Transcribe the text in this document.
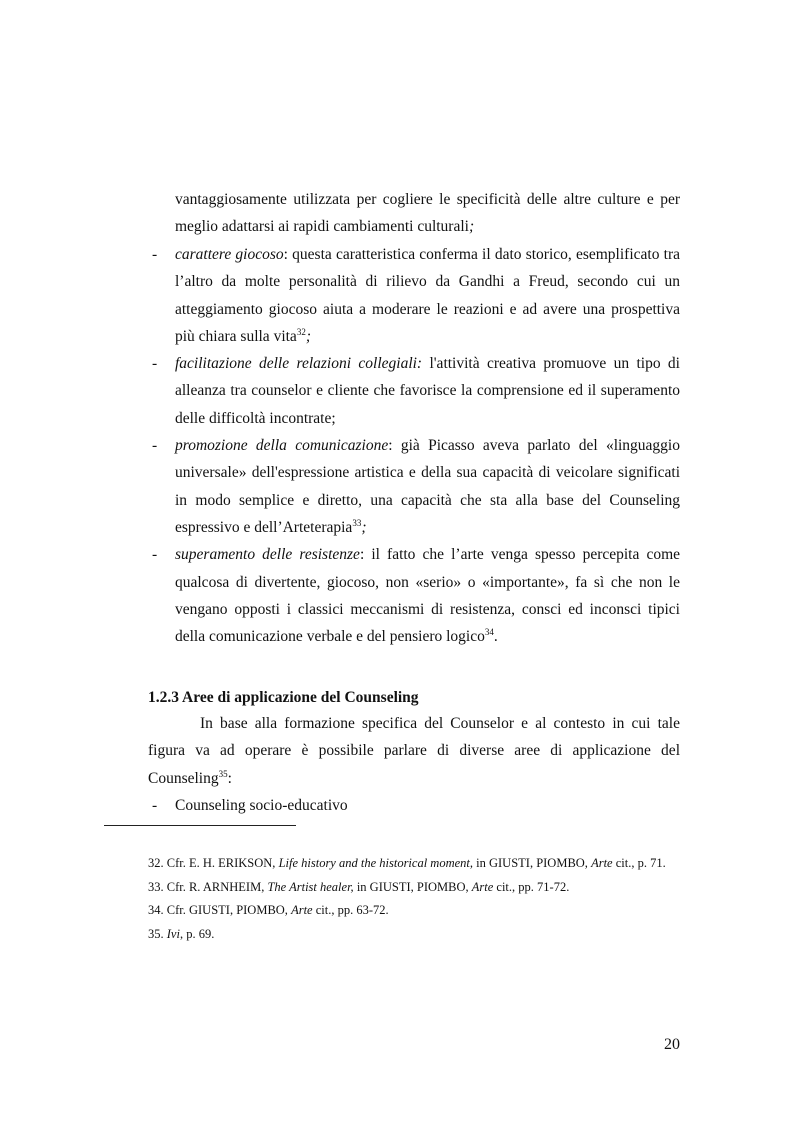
vantaggiosamente utilizzata per cogliere le specificità delle altre culture e per meglio adattarsi ai rapidi cambiamenti culturali;
- carattere giocoso: questa caratteristica conferma il dato storico, esemplificato tra l’altro da molte personalità di rilievo da Gandhi a Freud, secondo cui un atteggiamento giocoso aiuta a moderare le reazioni e ad avere una prospettiva più chiara sulla vita$^{32}$;
- facilitazione delle relazioni collegiali: l'attività creativa promuove un tipo di alleanza tra counselor e cliente che favorisce la comprensione ed il superamento delle difficoltà incontrate;
- promozione della comunicazione: già Picasso aveva parlato del «linguaggio universale» dell'espressione artistica e della sua capacità di veicolare significati in modo semplice e diretto, una capacità che sta alla base del Counseling espressivo e dell’Arteterapia$^{33}$;
- superamento delle resistenze: il fatto che l’arte venga spesso percepita come qualcosa di divertente, giocoso, non «serio» o «importante», fa sì che non le vengano opposti i classici meccanismi di resistenza, consci ed inconsci tipici della comunicazione verbale e del pensiero logico$^{34}$.
1.2.3 Aree di applicazione del Counseling
In base alla formazione specifica del Counselor e al contesto in cui tale figura va ad operare è possibile parlare di diverse aree di applicazione del Counseling$^{35}$:
- Counseling socio-educativo
32. Cfr. E. H. ERIKSON, Life history and the historical moment, in GIUSTI, PIOMBO, Arte cit., p. 71.
33. Cfr. R. ARNHEIM, The Artist healer, in GIUSTI, PIOMBO, Arte cit., pp. 71-72.
34. Cfr. GIUSTI, PIOMBO, Arte cit., pp. 63-72.
35. Ivi, p. 69.
20
